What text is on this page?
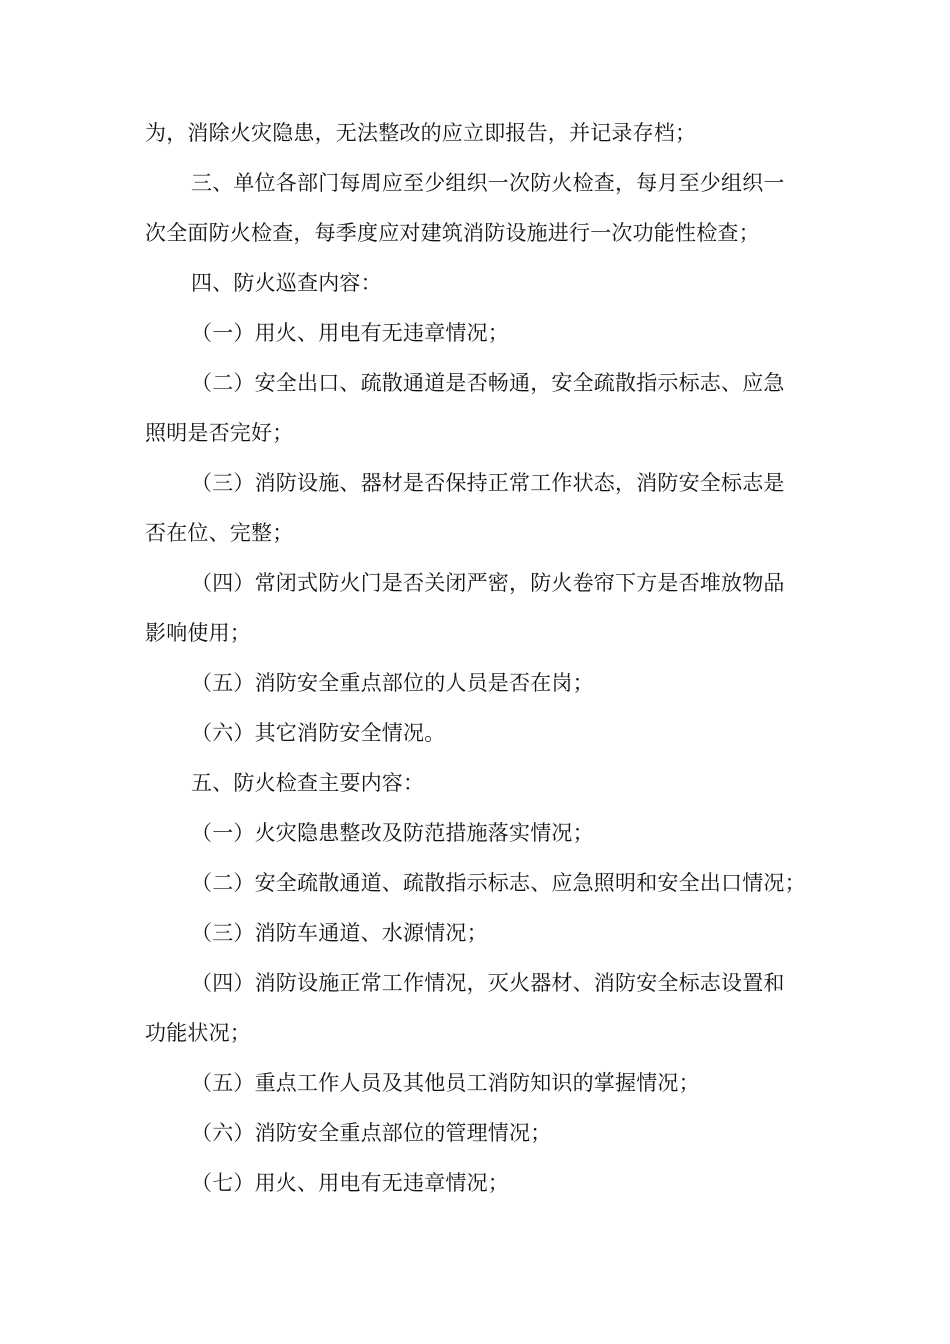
为，消除火灾隐患，无法整改的应立即报告，并记录存档；
三、单位各部门每周应至少组织一次防火检查，每月至少组织一
次全面防火检查，每季度应对建筑消防设施进行一次功能性检查；
四、防火巡查内容：
（一）用火、用电有无违章情况；
（二）安全出口、疏散通道是否畅通，安全疏散指示标志、应急
照明是否完好；
（三）消防设施、器材是否保持正常工作状态，消防安全标志是
否在位、完整；
（四）常闭式防火门是否关闭严密，防火卷帘下方是否堆放物品
影响使用；
（五）消防安全重点部位的人员是否在岗；
（六）其它消防安全情况。
五、防火检查主要内容：
（一）火灾隐患整改及防范措施落实情况；
（二）安全疏散通道、疏散指示标志、应急照明和安全出口情况；
（三）消防车通道、水源情况；
（四）消防设施正常工作情况，灭火器材、消防安全标志设置和
功能状况；
（五）重点工作人员及其他员工消防知识的掌握情况；
（六）消防安全重点部位的管理情况；
（七）用火、用电有无违章情况；
